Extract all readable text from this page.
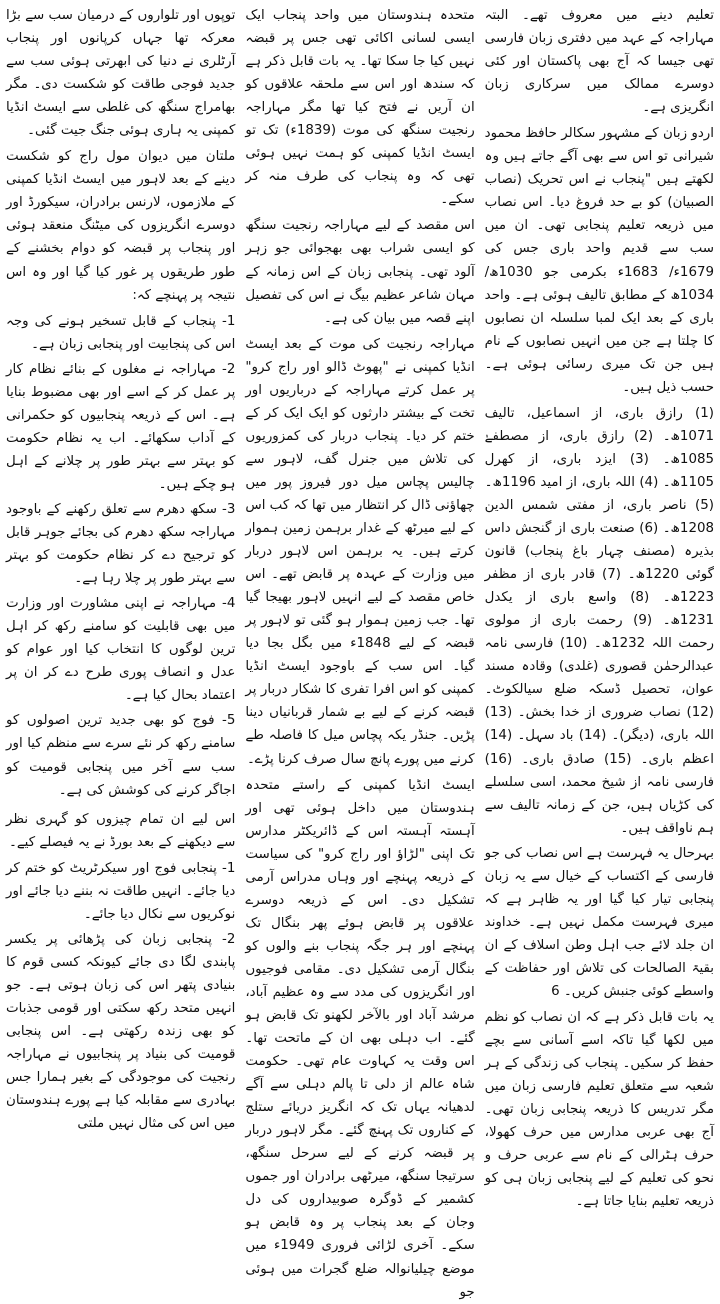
تعلیم دینے میں معروف تھے۔ البتہ مہاراجہ کے عہد میں دفتری زبان فارسی تھی جیسا کہ آج بھی پاکستان اور کئی دوسرے ممالک میں سرکاری زبان انگریزی ہے۔

اردو زبان کے مشہور سکالر حافظ محمود شیرانی تو اس سے بھی آگے جاتے ہیں وہ لکھتے ہیں "پنجاب نے اس تحریک (نصاب الصبیان) کو بے حد فروغ دیا۔ اس نصاب میں ذریعہ تعلیم پنجابی تھی۔ ان میں سب سے قدیم واحد باری جس کی 1679ء/ 1683ء بکرمی جو 1030ھ/ 1034ھ کے مطابق تالیف ہوئی ہے۔ واحد باری کے بعد ایک لمبا سلسلہ ان نصابوں کا چلتا ہے جن میں انہیں نصابوں کے نام ہیں جن تک میری رسائی ہوئی ہے۔ حسب ذیل ہیں۔

(1) رازق باری، از اسماعیل، تالیف 1071ھ۔ (2) رازق باری، از مصطفےٰ 1085ھ۔ (3) ایزد باری، از کھرل 1105ھ۔ (4) اللہ باری، از امید 1196ھ۔ (5) ناصر باری، از مفتی شمس الدین 1208ھ۔ (6) صنعت باری از گنجش داس بذیرہ (مصنف چہار باغ پنجاب) قانون گوئی 1220ھ۔ (7) قادر باری از مظفر 1223ھ۔ (8) واسع باری از یکدل 1231ھ۔ (9) رحمت باری از مولوی رحمت اللہ 1232ھ۔ (10) فارسی نامہ عبدالرحمٰن قصوری (غلدی) وقادہ مسند عوان، تحصیل ڈسکہ ضلع سیالکوٹ۔ (12) نصاب ضروری از خدا بخش۔ (13) اللہ باری، (دیگر)۔ (14) باد سہل۔ (14) اعظم باری۔ (15) صادق باری۔ (16) فارسی نامہ از شیخ محمد، اسی سلسلے کی کڑیاں ہیں، جن کے زمانہ تالیف سے ہم ناواقف ہیں۔

بہرحال یہ فہرست ہے اس نصاب کی جو فارسی کے اکتساب کے خیال سے یہ زبان پنجابی تیار کیا گیا اور یہ ظاہر ہے کہ میری فہرست مکمل نہیں ہے۔ خداوند ان جلد لائے جب اہل وطن اسلاف کے ان بقیۃ الصالحات کی تلاش اور حفاظت کے واسطے کوئی جنبش کریں۔ 6

یہ بات قابل ذکر ہے کہ ان نصاب کو نظم میں لکھا گیا تاکہ اسے آسانی سے بچے حفظ کر سکیں۔ پنجاب کی زندگی کے ہر شعبہ سے متعلق تعلیم فارسی زبان میں مگر تدریس کا ذریعہ پنجابی زبان تھی۔ آج بھی عربی مدارس میں حرف کھولا، حرف ہٹرالی کے نام سے عربی حرف و نحو کی تعلیم کے لیے پنجابی زبان ہی کو ذریعہ تعلیم بنایا جاتا ہے۔

متحدہ ہندوستان میں واحد پنجاب ایک ایسی لسانی اکائی تھی جس پر قبضہ نہیں کیا جا سکا تھا۔ یہ بات قابل ذکر ہے کہ سندھ اور اس سے ملحقہ علاقوں کو ان آریں نے فتح کیا تھا مگر مہاراجہ رنجیت سنگھ کی موت (1839ء) تک تو ایسٹ انڈیا کمپنی کو ہمت نہیں ہوئی تھی کہ وہ پنجاب کی طرف منہ کر سکے۔

اس مقصد کے لیے مہاراجہ رنجیت سنگھ کو ایسی شراب بھی بھجوائی جو زہر آلود تھی۔ پنجابی زبان کے اس زمانہ کے مہان شاعر عظیم بیگ نے اس کی تفصیل اپنے قصہ میں بیان کی ہے۔

مہاراجہ رنجیت کی موت کے بعد ایسٹ انڈیا کمپنی نے "پھوٹ ڈالو اور راج کرو" پر عمل کرتے مہاراجہ کے درباریوں اور تخت کے بیشتر دارثوں کو ایک ایک کر کے ختم کر دیا۔ پنجاب دربار کی کمزوریوں کی تلاش میں جنرل گف، لاہور سے چالیس پچاس میل دور فیروز پور میں چھاؤنی ڈال کر انتظار میں تھا کہ کب اس کے لیے میرٹھ کے غدار برہمن زمین ہموار کرتے ہیں۔ یہ برہمن اس لاہور دربار میں وزارت کے عہدہ پر قابض تھے۔ اس خاص مقصد کے لیے انہیں لاہور بھیجا گیا تھا۔ جب زمین ہموار ہو گئی تو لاہور پر قبضہ کے لیے 1848ء میں بگل بجا دیا گیا۔ اس سب کے باوجود ایسٹ انڈیا کمپنی کو اس افرا تفری کا شکار دربار پر قبضہ کرنے کے لیے بے شمار قربانیاں دینا پڑیں۔ جنڈر یکہ پچاس میل کا فاصلہ طے کرنے میں پورے پانچ سال صرف کرنا پڑے۔

ایسٹ انڈیا کمپنی کے راستے متحدہ ہندوستان میں داخل ہوئی تھی اور آہستہ آہستہ اس کے ڈائریکٹر مدارس تک اپنی "لڑاؤ اور راج کرو" کی سیاست کے ذریعہ پہنچے اور وہاں مدراس آرمی تشکیل دی۔ اس کے ذریعہ دوسرے علاقوں پر قابض ہوئے پھر بنگال تک پہنچے اور ہر جگہ پنجاب بنے والوں کو بنگال آرمی تشکیل دی۔ مقامی فوجیوں اور انگریزوں کی مدد سے وہ عظیم آباد، مرشد آباد اور بالآخر لکھنو تک قابض ہو گئے۔ اب دہلی بھی ان کے ماتحت تھا۔ اس وقت یہ کہاوت عام تھی۔ حکومت شاہ عالم از دلی تا پالم دہلی سے آگے لدھیانہ یہاں تک کہ انگریز دریائے ستلج کے کناروں تک پہنچ گئے۔ مگر لاہور دربار پر قبضہ کرنے کے لیے سرحل سنگھ، سرتیجا سنگھ، میرٹھی برادران اور جموں کشمیر کے ڈوگرہ صوبیداروں کی دل وجان کے بعد پنجاب پر وہ قابض ہو سکے۔ آخری لڑائی فروری 1949ء میں موضع چیلیانوالہ ضلع گجرات میں ہوئی جو

توپوں اور تلواروں کے درمیان سب سے بڑا معرکہ تھا جہاں کرپانوں اور پنجاب آرٹلری نے دنیا کی ابھرتی ہوئی سب سے جدید فوجی طاقت کو شکست دی۔ مگر بھامراج سنگھ کی غلطی سے ایسٹ انڈیا کمپنی یہ ہاری ہوئی جنگ جیت گئی۔

ملتان میں دیوان مول راج کو شکست دینے کے بعد لاہور میں ایسٹ انڈیا کمپنی کے ملازموں، لارنس برادران، سیکورڈ اور دوسرے انگریزوں کی میٹنگ منعقد ہوئی اور پنجاب پر قبضہ کو دوام بخشنے کے طور طریقوں پر غور کیا گیا اور وہ اس نتیجہ پر پہنچے کہ:

1- پنجاب کے قابل تسخیر ہونے کی وجہ اس کی پنجابیت اور پنجابی زبان ہے۔

2- مہاراجہ نے مغلوں کے بنائے نظام کار پر عمل کر کے اسے اور بھی مضبوط بنایا ہے۔ اس کے ذریعہ پنجابیوں کو حکمرانی کے آداب سکھائے۔ اب یہ نظام حکومت کو بہتر سے بہتر طور پر چلانے کے اہل ہو چکے ہیں۔

3- سکھ دھرم سے تعلق رکھنے کے باوجود مہاراجہ سکھ دھرم کی بجائے جوہر قابل کو ترجیح دے کر نظام حکومت کو بہتر سے بہتر طور پر چلا رہا ہے۔

4- مہاراجہ نے اپنی مشاورت اور وزارت میں بھی قابلیت کو سامنے رکھ کر اہل ترین لوگوں کا انتخاب کیا اور عوام کو عدل و انصاف پوری طرح دے کر ان پر اعتماد بحال کیا ہے۔

5- فوج کو بھی جدید ترین اصولوں کو سامنے رکھ کر نئے سرے سے منظم کیا اور سب سے آخر میں پنجابی قومیت کو اجاگر کرنے کی کوشش کی ہے۔

اس لیے ان تمام چیزوں کو گہری نظر سے دیکھنے کے بعد بورڈ نے یہ فیصلے کیے۔

1- پنجابی فوج اور سیکرٹریٹ کو ختم کر دیا جائے۔ انہیں طاقت نہ بننے دیا جائے اور نوکریوں سے نکال دیا جائے۔

2- پنجابی زبان کی پڑھائی پر یکسر پابندی لگا دی جائے کیونکہ کسی قوم کا بنیادی پتھر اس کی زبان ہوتی ہے۔ جو انہیں متحد رکھ سکتی اور قومی جذبات کو بھی زندہ رکھتی ہے۔ اس پنجابی قومیت کی بنیاد پر پنجابیوں نے مہاراجہ رنجیت کی موجودگی کے بغیر ہمارا جس بہادری سے مقابلہ کیا ہے پورے ہندوستان میں اس کی مثال نہیں ملتی
